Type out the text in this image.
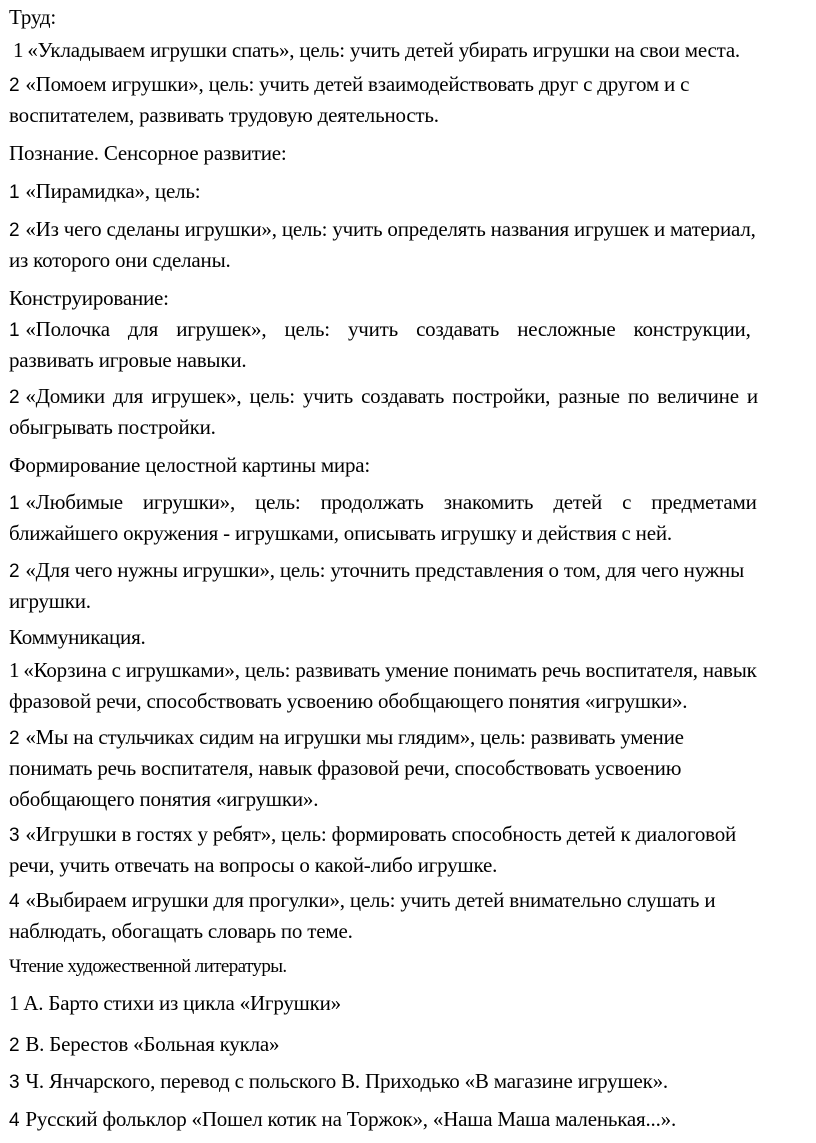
Труд:
1 «Укладываем игрушки спать», цель: учить детей убирать игрушки на свои места.
2 «Помоем игрушки», цель: учить детей взаимодействовать друг с другом и с
воспитателем, развивать трудовую деятельность.
Познание. Сенсорное развитие:
1 «Пирамидка», цель:
2 «Из чего сделаны игрушки», цель: учить определять названия игрушек и материал,
из которого они сделаны.
Конструирование:
1 «Полочка для игрушек», цель: учить создавать несложные конструкции,
развивать игровые навыки.
2 «Домики для игрушек», цель: учить создавать постройки, разные по величине и
обыгрывать постройки.
Формирование целостной картины мира:
1 «Любимые игрушки», цель: продолжать знакомить детей с предметами
ближайшего окружения - игрушками, описывать игрушку и действия с ней.
2 «Для чего нужны игрушки», цель: уточнить представления о том, для чего нужны
игрушки.
Коммуникация.
1 «Корзина с игрушками», цель: развивать умение понимать речь воспитателя, навык
фразовой речи, способствовать усвоению обобщающего понятия «игрушки».
2 «Мы на стульчиках сидим на игрушки мы глядим», цель: развивать умение
понимать речь воспитателя, навык фразовой речи, способствовать усвоению
обобщающего понятия «игрушки».
3 «Игрушки в гостях у ребят», цель: формировать способность детей к диалоговой
речи, учить отвечать на вопросы о какой-либо игрушке.
4 «Выбираем игрушки для прогулки», цель: учить детей внимательно слушать и
наблюдать, обогащать словарь по теме.
Чтение художественной литературы.
1 А. Барто стихи из цикла «Игрушки»
2 В. Берестов «Больная кукла»
3 Ч. Янчарского, перевод с польского В. Приходько «В магазине игрушек».
4 Русский фольклор «Пошел котик на Торжок», «Наша Маша маленькая...».
